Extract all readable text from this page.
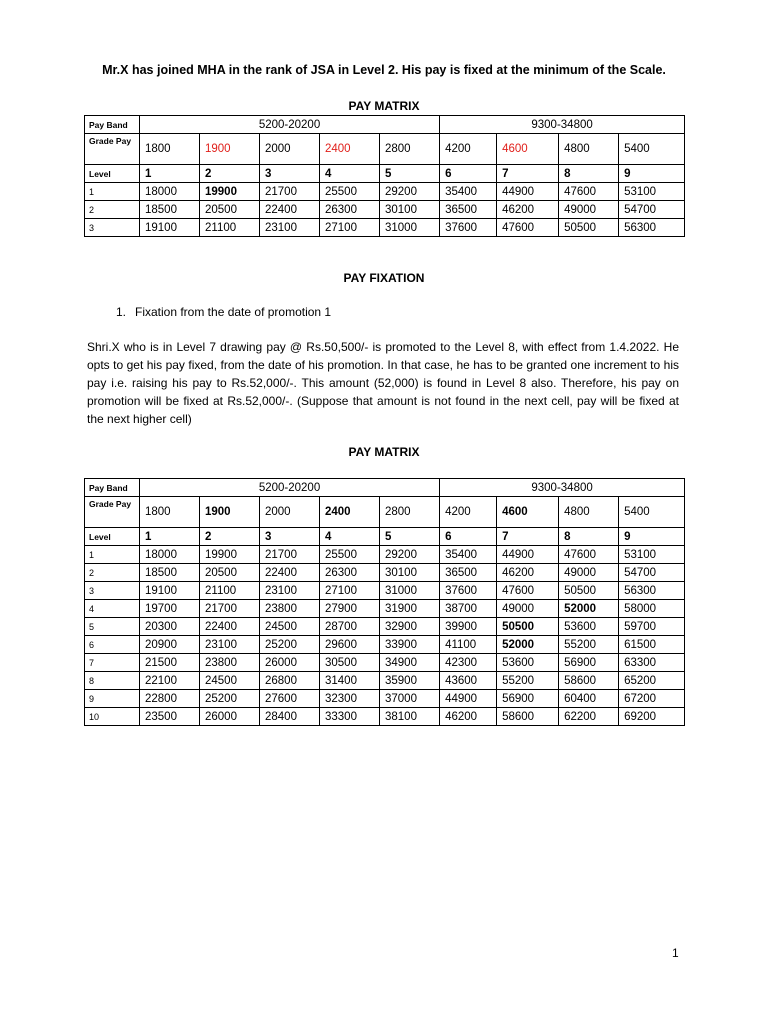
Mr.X has joined MHA in the rank of JSA in Level 2. His pay is fixed at the minimum of the Scale.
PAY MATRIX
Pay Band	5200-20200					9300-34800			
Grade Pay	1800	1900	2000	2400	2800	4200	4600	4800	5400
Level	1	2	3	4	5	6	7	8	9
1	18000	19900	21700	25500	29200	35400	44900	47600	53100
2	18500	20500	22400	26300	30100	36500	46200	49000	54700
3	19100	21100	23100	27100	31000	37600	47600	50500	56300
PAY FIXATION
1. Fixation from the date of promotion 1
Shri.X who is in Level 7 drawing pay @ Rs.50,500/- is promoted to the Level 8, with effect from 1.4.2022. He opts to get his pay fixed, from the date of his promotion. In that case, he has to be granted one increment to his pay i.e. raising his pay to Rs.52,000/-. This amount (52,000) is found in Level 8 also. Therefore, his pay on promotion will be fixed at Rs.52,000/-. (Suppose that amount is not found in the next cell, pay will be fixed at the next higher cell)
PAY MATRIX
Pay Band	5200-20200					9300-34800			
Grade Pay	1800	1900	2000	2400	2800	4200	4600	4800	5400
Level	1	2	3	4	5	6	7	8	9
1	18000	19900	21700	25500	29200	35400	44900	47600	53100
2	18500	20500	22400	26300	30100	36500	46200	49000	54700
3	19100	21100	23100	27100	31000	37600	47600	50500	56300
4	19700	21700	23800	27900	31900	38700	49000	52000	58000
5	20300	22400	24500	28700	32900	39900	50500	53600	59700
6	20900	23100	25200	29600	33900	41100	52000	55200	61500
7	21500	23800	26000	30500	34900	42300	53600	56900	63300
8	22100	24500	26800	31400	35900	43600	55200	58600	65200
9	22800	25200	27600	32300	37000	44900	56900	60400	67200
10	23500	26000	28400	33300	38100	46200	58600	62200	69200
1
